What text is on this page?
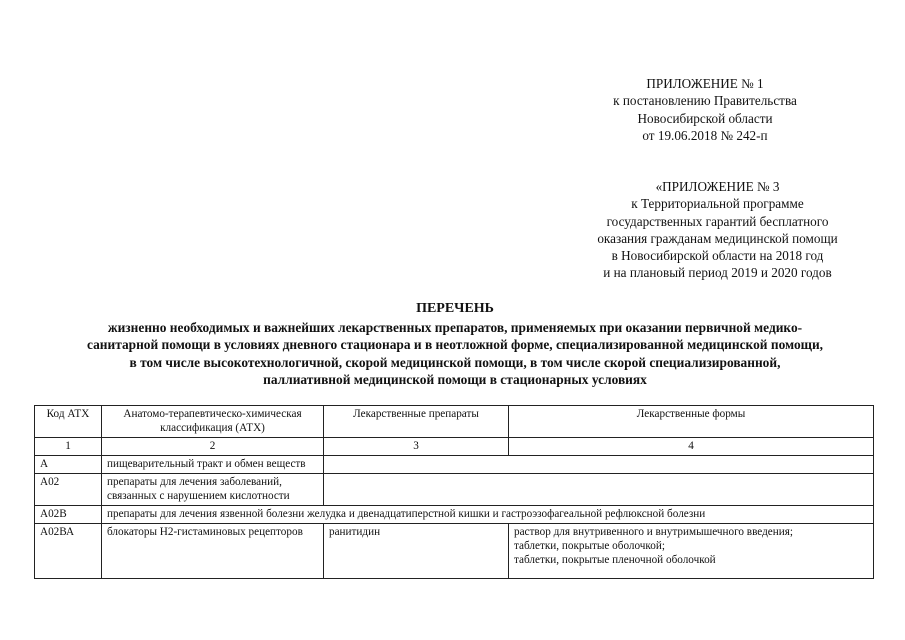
ПРИЛОЖЕНИЕ № 1
к постановлению Правительства
Новосибирской области
от 19.06.2018 № 242-п
«ПРИЛОЖЕНИЕ № 3
к Территориальной программе
государственных гарантий бесплатного
оказания гражданам медицинской помощи
в Новосибирской области на 2018 год
и на плановый период 2019 и 2020 годов
ПЕРЕЧЕНЬ
жизненно необходимых и важнейших лекарственных препаратов, применяемых при оказании первичной медико-
санитарной помощи в условиях дневного стационара и в неотложной форме, специализированной медицинской помощи,
в том числе высокотехнологичной, скорой медицинской помощи, в том числе скорой специализированной,
паллиативной медицинской помощи в стационарных условиях
Код АТХ	Анатомо-терапевтическо-химическая классификация (АТХ)	Лекарственные препараты	Лекарственные формы
1	2	3	4
А	пищеварительный тракт и обмен веществ		
А02	препараты для лечения заболеваний, связанных с нарушением кислотности		
А02В	препараты для лечения язвенной болезни желудка и двенадцатиперстной кишки и гастроэзофагеальной рефлюксной болезни		
А02ВА	блокаторы Н2-гистаминовых рецепторов	ранитидин	раствор для внутривенного и внутримышечного введения;
таблетки, покрытые оболочкой;
таблетки, покрытые пленочной оболочкой
